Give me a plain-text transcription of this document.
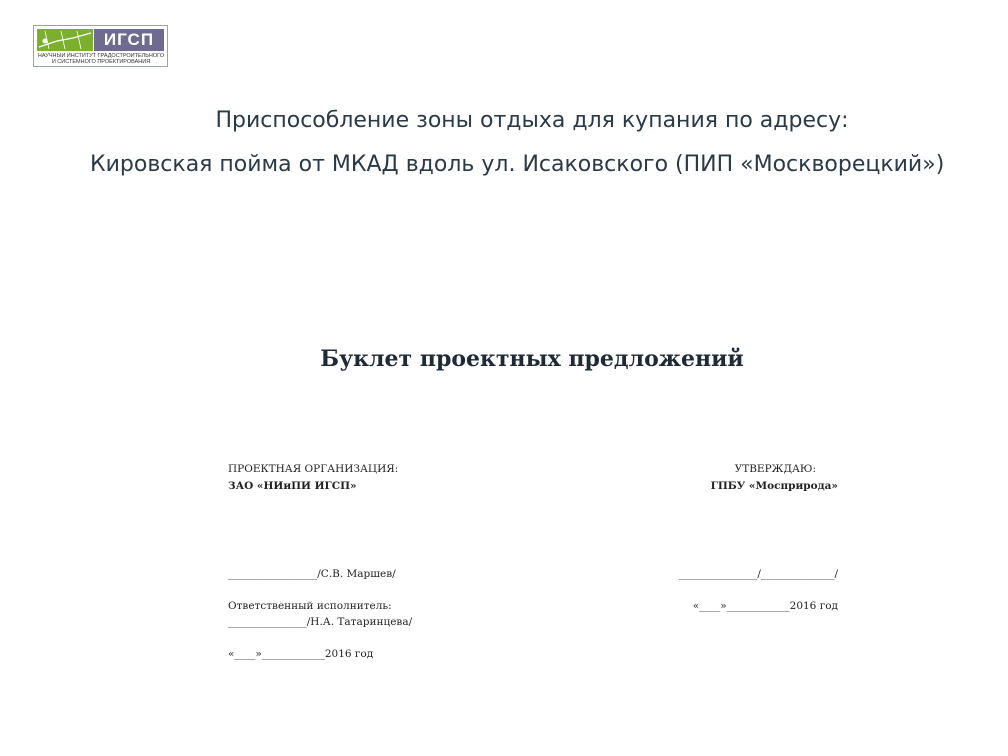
ИГСП
НАУЧНЫЙ ИНСТИТУТ ГРАДОСТРОИТЕЛЬНОГО
И СИСТЕМНОГО ПРОЕКТИРОВАНИЯ
Приспособление зоны отдыха для купания по адресу:
Кировская пойма от МКАД вдоль ул. Исаковского (ПИП «Москворецкий»)
Буклет проектных предложений
ПРОЕКТНАЯ ОРГАНИЗАЦИЯ:
ЗАО «НИиПИ ИГСП»
УТВЕРЖДАЮ:
ГПБУ «Мосприрода»
_________________/С.В. Маршев/	_______________/______________/
Ответственный исполнитель:	«____»____________2016 год
_______________/Н.А. Татаринцева/
«____»____________2016 год
